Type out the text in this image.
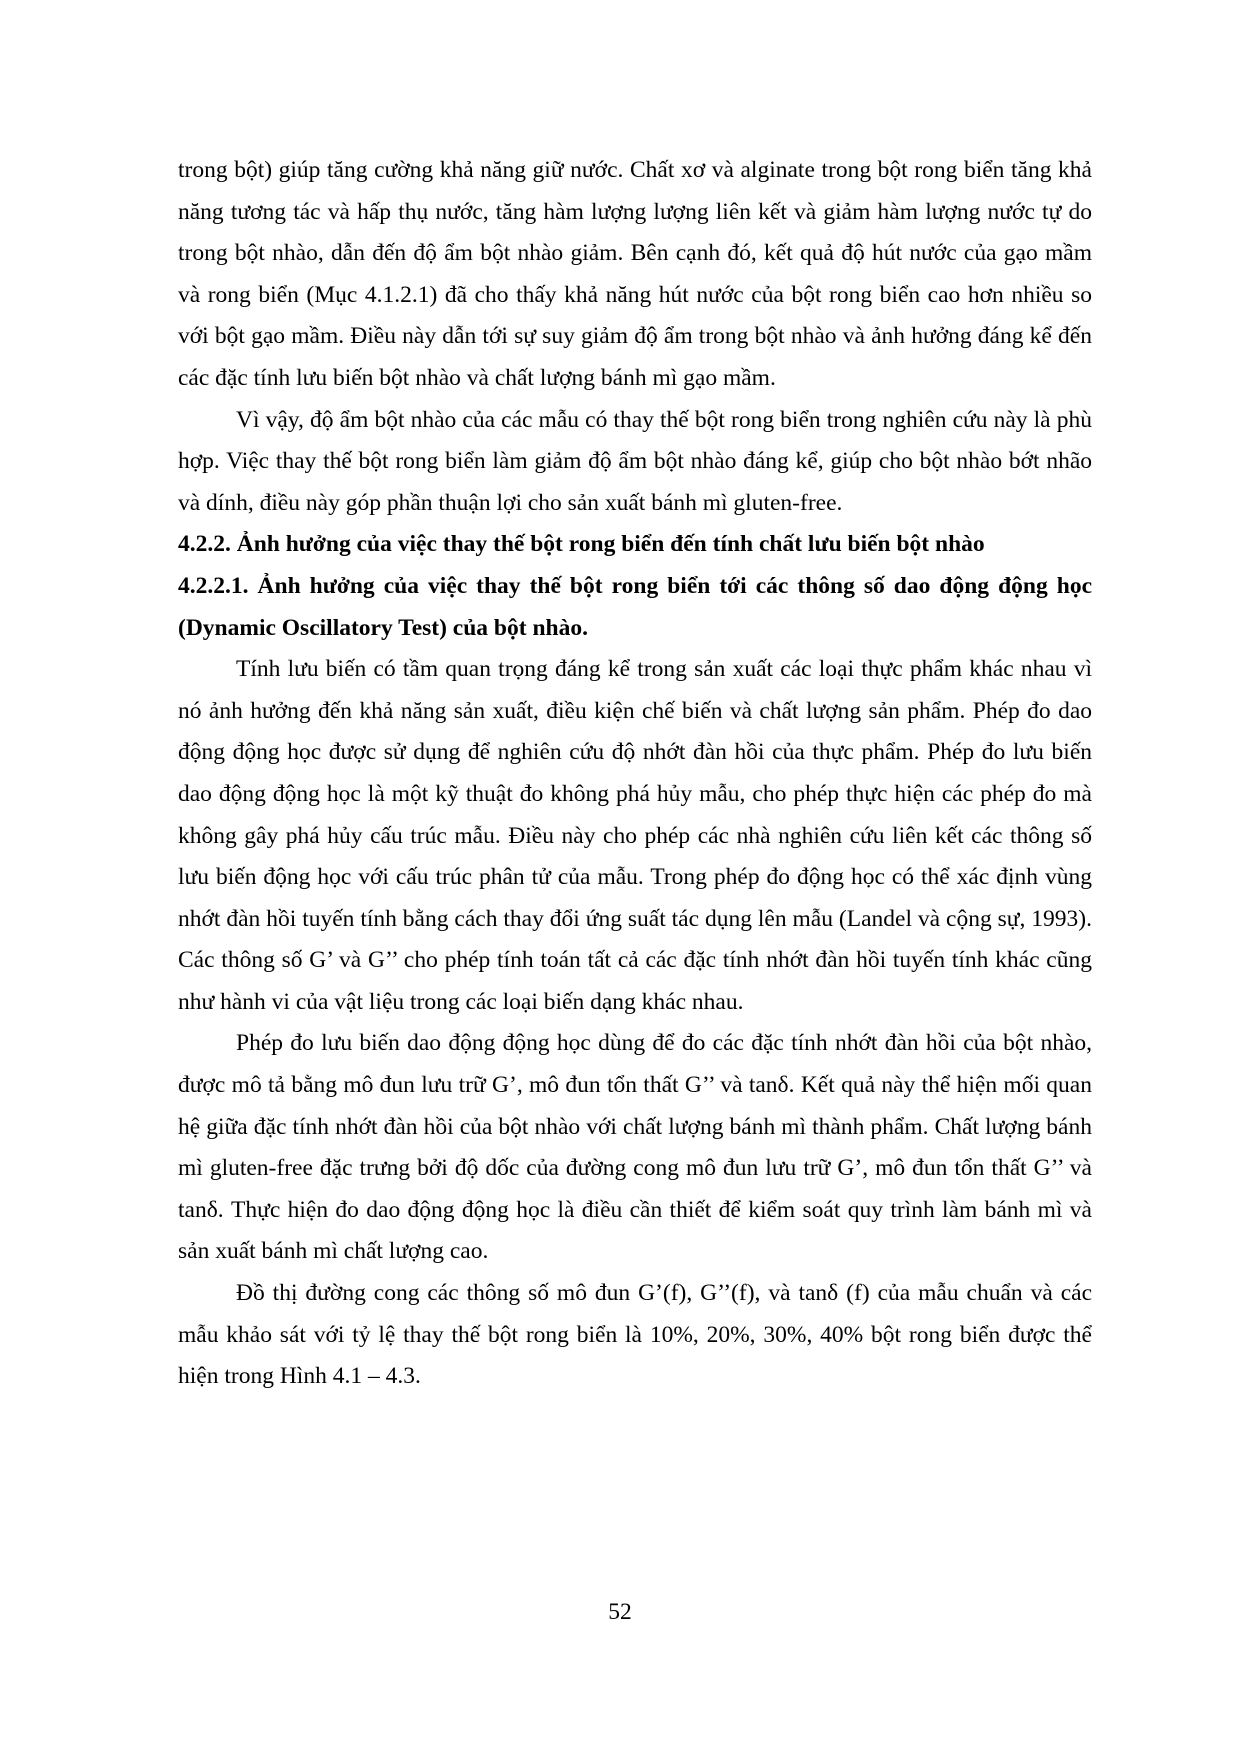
trong bột) giúp tăng cường khả năng giữ nước. Chất xơ và alginate trong bột rong biển tăng khả năng tương tác và hấp thụ nước, tăng hàm lượng lượng liên kết và giảm hàm lượng nước tự do trong bột nhào, dẫn đến độ ẩm bột nhào giảm. Bên cạnh đó, kết quả độ hút nước của gạo mầm và rong biển (Mục 4.1.2.1) đã cho thấy khả năng hút nước của bột rong biển cao hơn nhiều so với bột gạo mầm. Điều này dẫn tới sự suy giảm độ ẩm trong bột nhào và ảnh hưởng đáng kể đến các đặc tính lưu biến bột nhào và chất lượng bánh mì gạo mầm.

Vì vậy, độ ẩm bột nhào của các mẫu có thay thế bột rong biển trong nghiên cứu này là phù hợp. Việc thay thế bột rong biển làm giảm độ ẩm bột nhào đáng kể, giúp cho bột nhào bớt nhão và dính, điều này góp phần thuận lợi cho sản xuất bánh mì gluten-free.

4.2.2. Ảnh hưởng của việc thay thế bột rong biển đến tính chất lưu biến bột nhào
4.2.2.1. Ảnh hưởng của việc thay thế bột rong biển tới các thông số dao động động học (Dynamic Oscillatory Test) của bột nhào.

Tính lưu biến có tầm quan trọng đáng kể trong sản xuất các loại thực phẩm khác nhau vì nó ảnh hưởng đến khả năng sản xuất, điều kiện chế biến và chất lượng sản phẩm. Phép đo dao động động học được sử dụng để nghiên cứu độ nhớt đàn hồi của thực phẩm. Phép đo lưu biến dao động động học là một kỹ thuật đo không phá hủy mẫu, cho phép thực hiện các phép đo mà không gây phá hủy cấu trúc mẫu. Điều này cho phép các nhà nghiên cứu liên kết các thông số lưu biến động học với cấu trúc phân tử của mẫu. Trong phép đo động học có thể xác định vùng nhớt đàn hồi tuyến tính bằng cách thay đổi ứng suất tác dụng lên mẫu (Landel và cộng sự, 1993). Các thông số G’ và G’’ cho phép tính toán tất cả các đặc tính nhớt đàn hồi tuyến tính khác cũng như hành vi của vật liệu trong các loại biến dạng khác nhau.

Phép đo lưu biến dao động động học dùng để đo các đặc tính nhớt đàn hồi của bột nhào, được mô tả bằng mô đun lưu trữ G’, mô đun tổn thất G’’ và tanδ. Kết quả này thể hiện mối quan hệ giữa đặc tính nhớt đàn hồi của bột nhào với chất lượng bánh mì thành phẩm. Chất lượng bánh mì gluten-free đặc trưng bởi độ dốc của đường cong mô đun lưu trữ G’, mô đun tổn thất G’’ và tanδ. Thực hiện đo dao động động học là điều cần thiết để kiểm soát quy trình làm bánh mì và sản xuất bánh mì chất lượng cao.

Đồ thị đường cong các thông số mô đun G’(f), G’’(f), và tanδ (f) của mẫu chuẩn và các mẫu khảo sát với tỷ lệ thay thế bột rong biển là 10%, 20%, 30%, 40% bột rong biển được thể hiện trong Hình 4.1 – 4.3.

52
